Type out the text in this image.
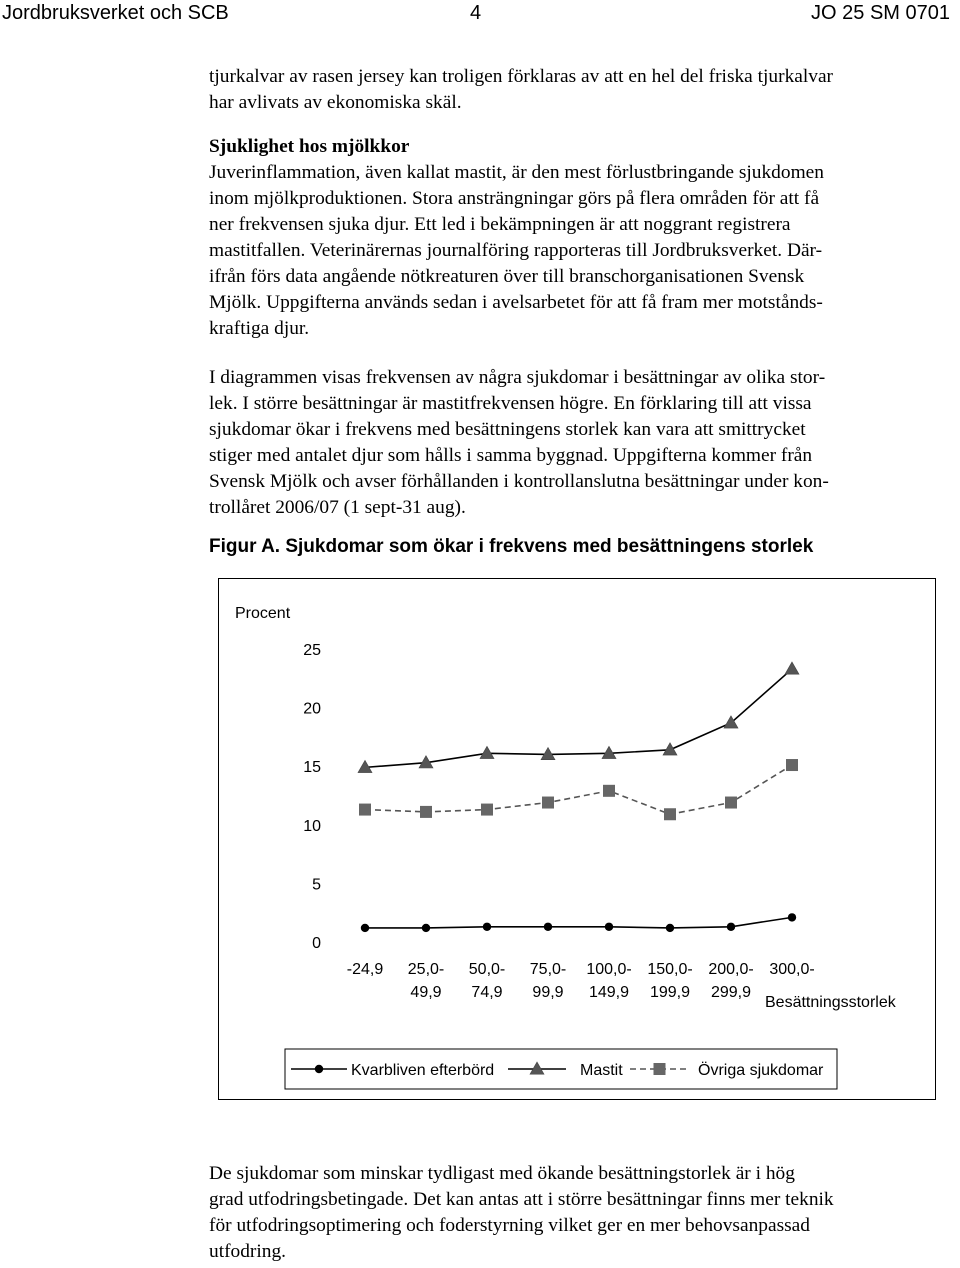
Jordbruksverket och SCB	4	JO 25 SM 0701
tjurkalvar av rasen jersey kan troligen förklaras av att en hel del friska tjurkalvar
har avlivats av ekonomiska skäl.
Sjuklighet hos mjölkkor
Juverinflammation, även kallat mastit, är den mest förlustbringande sjukdomen
inom mjölkproduktionen. Stora ansträngningar görs på flera områden för att få
ner frekvensen sjuka djur. Ett led i bekämpningen är att noggrant registrera
mastitfallen. Veterinärernas journalföring rapporteras till Jordbruksverket. Där-
ifrån förs data angående nötkreaturen över till branschorganisationen Svensk
Mjölk. Uppgifterna används sedan i avelsarbetet för att få fram mer motstånds-
kraftiga djur.
I diagrammen visas frekvensen av några sjukdomar i besättningar av olika stor-
lek. I större besättningar är mastitfrekvensen högre. En förklaring till att vissa
sjukdomar ökar i frekvens med besättningens storlek kan vara att smittrycket
stiger med antalet djur som hålls i samma byggnad. Uppgifterna kommer från
Svensk Mjölk och avser förhållanden i kontrollanslutna besättningar under kon-
trollåret 2006/07 (1 sept-31 aug).
Figur A. Sjukdomar som ökar i frekvens med besättningens storlek
Procent
0
5
10
15
20
25
-24,9 25,0-
49,9
50,0-
74,9
75,0-
99,9
100,0-
149,9
150,0-
199,9
200,0-
299,9
300,0-
Besättningsstorlek
Kvarbliven efterbörd	Mastit	Övriga sjukdomar
De sjukdomar som minskar tydligast med ökande besättningstorlek är i hög
grad utfodringsbetingade. Det kan antas att i större besättningar finns mer teknik
för utfodringsoptimering och foderstyrning vilket ger en mer behovsanpassad
utfodring.
